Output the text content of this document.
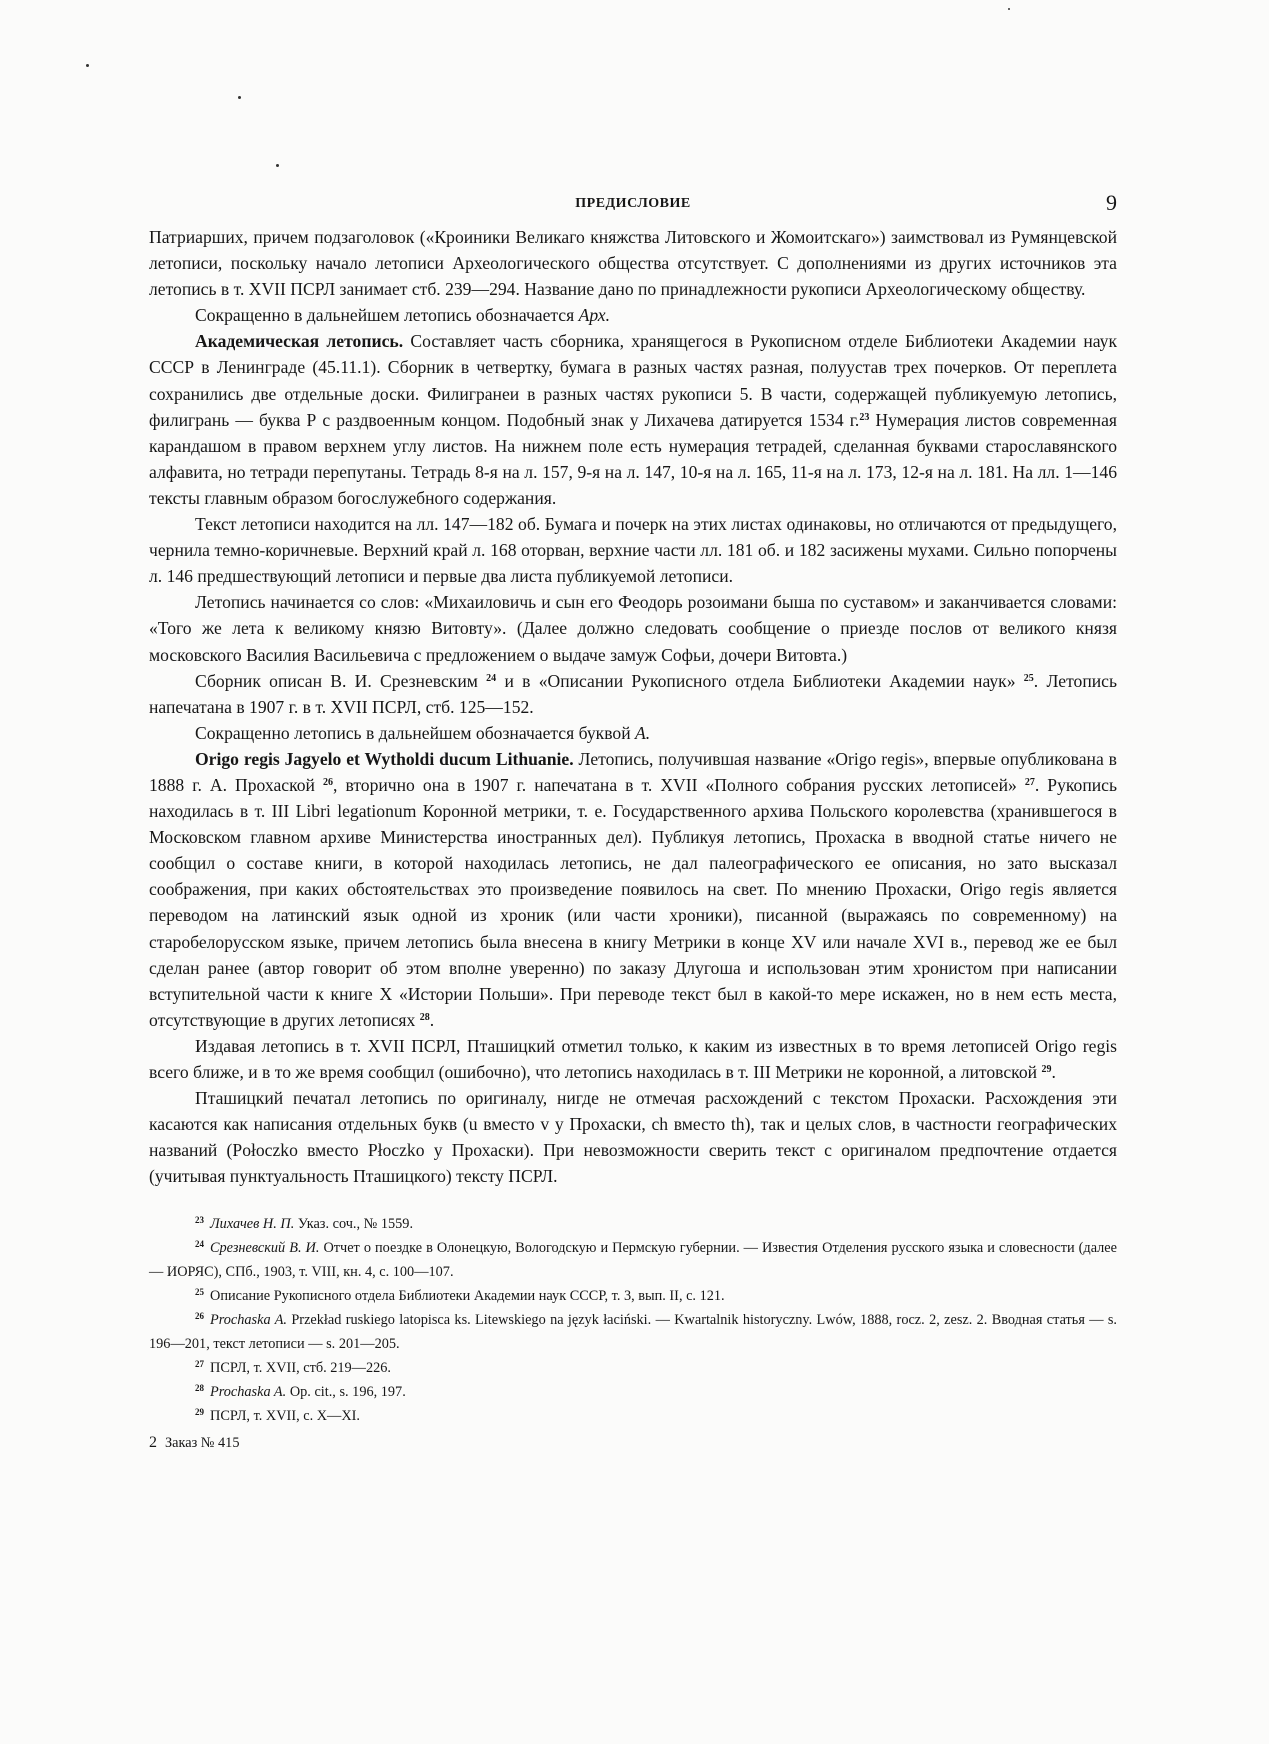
ПРЕДИСЛОВИЕ	9

Патриарших, причем подзаголовок («Кроиники Великаго княжства Литовского и Жомоитскаго») заимствовал из Румянцевской летописи, поскольку начало летописи Археологического общества отсутствует. С дополнениями из других источников эта летопись в т. XVII ПСРЛ занимает стб. 239—294. Название дано по принадлежности рукописи Археологическому обществу.

Сокращенно в дальнейшем летопись обозначается Арх.

Академическая летопись. Составляет часть сборника, хранящегося в Рукописном отделе Библиотеки Академии наук СССР в Ленинграде (45.11.1). Сборник в четвертку, бумага в разных частях разная, полуустав трех почерков. От переплета сохранились две отдельные доски. Филигранеи в разных частях рукописи 5. В части, содержащей публикуемую летопись, филигрань — буква Р с раздвоенным концом. Подобный знак у Лихачева датируется 1534 г.$^{23}$ Нумерация листов современная карандашом в правом верхнем углу листов. На нижнем поле есть нумерация тетрадей, сделанная буквами старославянского алфавита, но тетради перепутаны. Тетрадь 8-я на л. 157, 9-я на л. 147, 10-я на л. 165, 11-я на л. 173, 12-я на л. 181. На лл. 1—146 тексты главным образом богослужебного содержания.

Текст летописи находится на лл. 147—182 об. Бумага и почерк на этих листах одинаковы, но отличаются от предыдущего, чернила темно-коричневые. Верхний край л. 168 оторван, верхние части лл. 181 об. и 182 засижены мухами. Сильно попорчены л. 146 предшествующий летописи и первые два листа публикуемой летописи.

Летопись начинается со слов: «Михаиловичь и сын его Феодорь розоимани быша по суставом» и заканчивается словами: «Того же лета к великому князю Витовту». (Далее должно следовать сообщение о приезде послов от великого князя московского Василия Васильевича с предложением о выдаче замуж Софьи, дочери Витовта.)

Сборник описан В. И. Срезневским $^{24}$ и в «Описании Рукописного отдела Библиотеки Академии наук» $^{25}$. Летопись напечатана в 1907 г. в т. XVII ПСРЛ, стб. 125—152.

Сокращенно летопись в дальнейшем обозначается буквой А.

Origo regis Jagyelo et Wytholdi ducum Lithuanie. Летопись, получившая название «Origo regis», впервые опубликована в 1888 г. А. Прохаской $^{26}$, вторично она в 1907 г. напечатана в т. XVII «Полного собрания русских летописей» $^{27}$. Рукопись находилась в т. III Libri legationum Коронной метрики, т. е. Государственного архива Польского королевства (хранившегося в Московском главном архиве Министерства иностранных дел). Публикуя летопись, Прохаска в вводной статье ничего не сообщил о составе книги, в которой находилась летопись, не дал палеографического ее описания, но зато высказал соображения, при каких обстоятельствах это произведение появилось на свет. По мнению Прохаски, Origo regis является переводом на латинский язык одной из хроник (или части хроники), писанной (выражаясь по современному) на старобелорусском языке, причем летопись была внесена в книгу Метрики в конце XV или начале XVI в., перевод же ее был сделан ранее (автор говорит об этом вполне уверенно) по заказу Длугоша и использован этим хронистом при написании вступительной части к книге X «Истории Польши». При переводе текст был в какой-то мере искажен, но в нем есть места, отсутствующие в других летописях $^{28}$.

Издавая летопись в т. XVII ПСРЛ, Пташицкий отметил только, к каким из известных в то время летописей Origo regis всего ближе, и в то же время сообщил (ошибочно), что летопись находилась в т. III Метрики не коронной, а литовской $^{29}$.

Пташицкий печатал летопись по оригиналу, нигде не отмечая расхождений с текстом Прохаски. Расхождения эти касаются как написания отдельных букв (u вместо v у Прохаски, ch вместо th), так и целых слов, в частности географических названий (Połoczko вместо Płoczko у Прохаски). При невозможности сверить текст с оригиналом предпочтение отдается (учитывая пунктуальность Пташицкого) тексту ПСРЛ.

$^{23}$ Лихачев Н. П. Указ. соч., № 1559.

$^{24}$ Срезневский В. И. Отчет о поездке в Олонецкую, Вологодскую и Пермскую губернии. — Известия Отделения русского языка и словесности (далее — ИОРЯС), СПб., 1903, т. VIII, кн. 4, с. 100—107.

$^{25}$ Описание Рукописного отдела Библиотеки Академии наук СССР, т. 3, вып. II, с. 121.

$^{26}$ Prochaska A. Przekład ruskiego latopisca ks. Litewskiego na język łaciński. — Kwartalnik historyczny. Lwów, 1888, rocz. 2, zesz. 2. Вводная статья — s. 196—201, текст летописи — s. 201—205.

$^{27}$ ПСРЛ, т. XVII, стб. 219—226.

$^{28}$ Prochaska A. Op. cit., s. 196, 197.

$^{29}$ ПСРЛ, т. XVII, с. X—XI.

2 Заказ № 415
